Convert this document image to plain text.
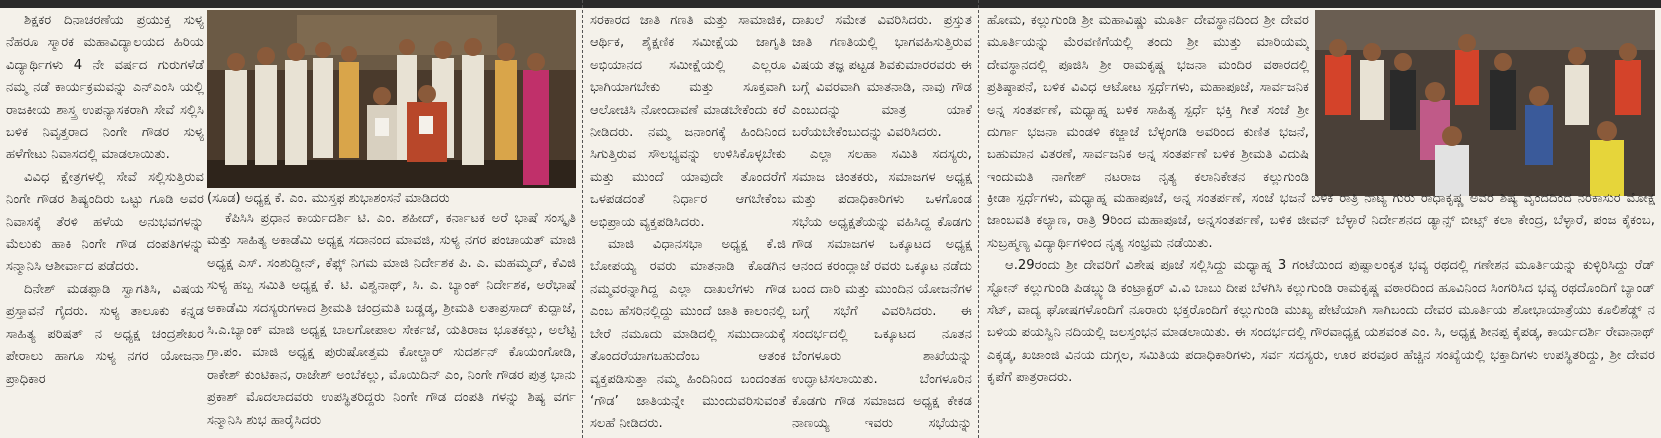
ಶಿಕ್ಷಕರ ದಿನಾಚರಣೆಯ ಪ್ರಯುಕ್ತ ಸುಳ್ಯ ನೆಹರೂ ಸ್ಮಾರಕ ಮಹಾವಿದ್ಯಾಲಯದ ಹಿರಿಯ ವಿದ್ಯಾರ್ಥಿಗಳು 4 ನೇ ವರ್ಷದ ಗುರುಗಳೆಡೆ ನಮ್ಮ ನಡೆ ಕಾರ್ಯಕ್ರಮವನ್ನು ಎನ್ಎಂಸಿ ಯಲ್ಲಿ ರಾಜಕೀಯ ಶಾಸ್ತ್ರ ಉಪನ್ಯಾಸಕರಾಗಿ ಸೇವೆ ಸಲ್ಲಿಸಿ ಬಳಿಕ ನಿವೃತ್ತರಾದ ನಿಂಗೇ ಗೌಡರ ಸುಳ್ಯ ಹಳೆಗೇಟು ನಿವಾಸದಲ್ಲಿ ಮಾಡಲಾಯಿತು.

ವಿವಿಧ ಕ್ಷೇತ್ರಗಳಲ್ಲಿ ಸೇವೆ ಸಲ್ಲಿಸುತ್ತಿರುವ ನಿಂಗೇ ಗೌಡರ ಶಿಷ್ಯಂದಿರು ಒಟ್ಟು ಗೂಡಿ ಅವರ ನಿವಾಸಕ್ಕೆ ತೆರಳಿ ಹಳೆಯ ಅನುಭವಗಳನ್ನು ಮೆಲುಕು ಹಾಕಿ ನಿಂಗೇ ಗೌಡ ದಂಪತಿಗಳನ್ನು ಸನ್ಮಾನಿಸಿ ಆಶೀರ್ವಾದ ಪಡೆದರು.

ದಿನೇಶ್ ಮಡಪ್ಪಾಡಿ ಸ್ವಾಗತಿಸಿ, ವಿಷಯ ಪ್ರಸ್ತಾವನೆ ಗೈದರು. ಸುಳ್ಯ ತಾಲೂಕು ಕನ್ನಡ ಸಾಹಿತ್ಯ ಪರಿಷತ್ ನ ಅಧ್ಯಕ್ಷ ಚಂದ್ರಶೇಖರ ಪೇರಾಲು ಹಾಗೂ ಸುಳ್ಯ ನಗರ ಯೋಜನಾ ಪ್ರಾಧಿಕಾರ

(ಸೂಡ) ಅಧ್ಯಕ್ಷ ಕೆ. ಎಂ. ಮುಸ್ತಫ ಶುಭಾಶಂಸನೆ ಮಾಡಿದರು

ಕೆಪಿಸಿಸಿ ಪ್ರಧಾನ ಕಾರ್ಯದರ್ಶಿ ಟಿ. ಎಂ. ಶಹೀದ್, ಕರ್ನಾಟಕ ಅರೆ ಭಾಷೆ ಸಂಸ್ಕೃತಿ ಮತ್ತು ಸಾಹಿತ್ಯ ಅಕಾಡೆಮಿ ಅಧ್ಯಕ್ಷ ಸದಾನಂದ ಮಾವಜಿ, ಸುಳ್ಯ ನಗರ ಪಂಚಾಯತ್ ಮಾಜಿ ಅಧ್ಯಕ್ಷ ಎಸ್. ಸಂಶುದ್ದೀನ್, ಕೆಫ್ಕ್ ನಿಗಮ ಮಾಜಿ ನಿರ್ದೇಶಕ ಪಿ. ಎ. ಮಹಮ್ಮದ್, ಕೆವಿಜಿ ಸುಳ್ಯ ಹಬ್ಬ ಸಮಿತಿ ಅಧ್ಯಕ್ಷ ಕೆ. ಟಿ. ವಿಶ್ವನಾಥ್, ಸಿ. ಎ. ಬ್ಯಾಂಕ್ ನಿರ್ದೇಶಕ, ಅರೆಭಾಷೆ ಅಕಾಡೆಮಿ ಸದಸ್ಯರುಗಳಾದ ಶ್ರೀಮತಿ ಚಂದ್ರಮತಿ ಬಡ್ಡಡ್ಕ, ಶ್ರೀಮತಿ ಲತಾಪ್ರಸಾದ್ ಕುದ್ಪಾಜೆ, ಸಿ.ಎ.ಬ್ಯಾಂಕ್ ಮಾಜಿ ಅಧ್ಯಕ್ಷ ಬಾಲಗೋಪಾಲ ಸೇರ್ಕಜೆ, ಯತಿರಾಜ ಭೂತಕಲ್ಲು, ಅಲೆಟ್ಟಿ ಗ್ರಾ.ಪಂ. ಮಾಜಿ ಅಧ್ಯಕ್ಷ ಪುರುಷೋತ್ತಮ ಕೋಲ್ಚಾರ್ ಸುದರ್ಶನ್ ಕೊಯಂಗೋಡಿ, ರಾಕೇಶ್ ಕುಂಟಿಕಾನ, ರಾಜೇಶ್ ಅಂಬೆಕಲ್ಲು, ಮೊಯಿದಿನ್ ಎಂ, ನಿಂಗೇ ಗೌಡರ ಪುತ್ರ ಭಾನು ಪ್ರಕಾಶ್ ಮೊದಲಾದವರು ಉಪಸ್ಥಿತರಿದ್ದರು ನಿಂಗೇ ಗೌಡ ದಂಪತಿ ಗಳನ್ನು ಶಿಷ್ಯ ವರ್ಗ ಸನ್ಮಾನಿಸಿ ಶುಭ ಹಾರೈಸಿದರು

ಸರಕಾರದ ಜಾತಿ ಗಣತಿ ಮತ್ತು ಸಾಮಾಜಿಕ, ಆರ್ಥಿಕ, ಶೈಕ್ಷಣಿಕ ಸಮೀಕ್ಷೆಯ ಜಾಗೃತಿ ಅಭಿಯಾನದ ಸಮೀಕ್ಷೆಯಲ್ಲಿ ಎಲ್ಲರೂ ಭಾಗಿಯಾಗಬೇಕು ಮತ್ತು ಸೂಕ್ತವಾಗಿ ಆಲೋಚಿಸಿ ನೋಂದಾವಣೆ ಮಾಡಬೇಕೆಂದು ಕರೆ ನೀಡಿದರು. ನಮ್ಮ ಜನಾಂಗಕ್ಕೆ ಹಿಂದಿನಿಂದ ಸಿಗುತ್ತಿರುವ ಸೌಲಭ್ಯವನ್ನು ಉಳಿಸಿಕೊಳ್ಳಬೇಕು ಮತ್ತು ಮುಂದೆ ಯಾವುದೇ ತೊಂದರೆಗೆ ಒಳಪಡದಂತೆ ನಿರ್ಧಾರ ಆಗಬೇಕೆಂಬ ಅಭಿಪ್ರಾಯ ವ್ಯಕ್ತಪಡಿಸಿದರು.

ಮಾಜಿ ವಿಧಾನಸಭಾ ಅಧ್ಯಕ್ಷ ಕೆ.ಜಿ ಬೋಪಯ್ಯ ರವರು ಮಾತನಾಡಿ ಕೊಡಗಿನ ನಮ್ಮವರನ್ನಾಗಿದ್ದ ಎಲ್ಲಾ ದಾಖಲೆಗಳು ಗೌಡ ಎಂಬ ಹೆಸರಿನಲ್ಲಿದ್ದು ಮುಂದೆ ಜಾತಿ ಕಾಲಂನಲ್ಲಿ ಬೇರೆ ನಮೂದು ಮಾಡಿದಲ್ಲಿ ಸಮುದಾಯಕ್ಕೆ ತೊಂದರೆಯಾಗಬಹುದೆಂಬ ಆತಂಕ ವ್ಯಕ್ತಪಡಿಸುತ್ತಾ ನಮ್ಮ ಹಿಂದಿನಿಂದ ಬಂದಂತಹ ‘ಗೌಡ’ ಜಾತಿಯನ್ನೇ ಮುಂದುವರಿಸುವಂತೆ ಸಲಹೆ ನೀಡಿದರು.

ದಾಖಲೆ ಸಮೇತ ವಿವರಿಸಿದರು. ಪ್ರಸ್ತುತ ಜಾತಿ ಗಣತಿಯಲ್ಲಿ ಭಾಗವಹಿಸುತ್ತಿರುವ ವಿಷಯ ತಜ್ಞ ಪಟ್ಟಡ ಶಿವಕುಮಾರರವರು ಈ ಬಗ್ಗೆ ವಿವರವಾಗಿ ಮಾತನಾಡಿ, ನಾವು ಗೌಡ ಎಂಬುದನ್ನು ಮಾತ್ರ ಯಾಕೆ ಬರೆಯಬೇಕೆಂಬುದನ್ನು ವಿವರಿಸಿದರು.

ಎಲ್ಲಾ ಸಲಹಾ ಸಮಿತಿ ಸದಸ್ಯರು, ಸಮಾಜ ಚಿಂತಕರು, ಸಮಾಜಗಳ ಅಧ್ಯಕ್ಷ ಮತ್ತು ಪದಾಧಿಕಾರಿಗಳು ಒಳಗೊಂಡ ಸಭೆಯ ಅಧ್ಯಕ್ಷತೆಯನ್ನು ವಹಿಸಿದ್ದ ಕೊಡಗು ಗೌಡ ಸಮಾಜಗಳ ಒಕ್ಕೂಟದ ಅಧ್ಯಕ್ಷ ಆನಂದ ಕರಂದ್ಲಾಜೆ ರವರು ಒಕ್ಕೂಟ ನಡೆದು ಬಂದ ದಾರಿ ಮತ್ತು ಮುಂದಿನ ಯೋಜನೆಗಳ ಬಗ್ಗೆ ಸಭೆಗೆ ವಿವರಿಸಿದರು. ಈ ಸಂದರ್ಭದಲ್ಲಿ ಒಕ್ಕೂಟದ ನೂತನ ಬೆಂಗಳೂರು ಶಾಖೆಯನ್ನು ಉದ್ಘಾಟಿಸಲಾಯಿತು. ಬೆಂಗಳೂರಿನ ಕೊಡಗು ಗೌಡ ಸಮಾಜದ ಅಧ್ಯಕ್ಷ ಕೇಕಡ ನಾಣಯ್ಯ ಇವರು ಸಭೆಯನ್ನು

ಹೋಮ, ಕಲ್ಲುಗುಂಡಿ ಶ್ರೀ ಮಹಾವಿಷ್ಣು ಮೂರ್ತಿ ದೇವಸ್ಥಾನದಿಂದ ಶ್ರೀ ದೇವರ ಮೂರ್ತಿಯನ್ನು ಮೆರವಣಿಗೆಯಲ್ಲಿ ತಂದು ಶ್ರೀ ಮುತ್ತು ಮಾರಿಯಮ್ಮ ದೇವಸ್ಥಾನದಲ್ಲಿ ಪೂಜಿಸಿ ಶ್ರೀ ರಾಮಕೃಷ್ಣ ಭಜನಾ ಮಂದಿರ ವಠಾರದಲ್ಲಿ ಪ್ರತಿಷ್ಠಾಪನೆ, ಬಳಿಕ ವಿವಿಧ ಆಟೋಟ ಸ್ಪರ್ಧೆಗಳು, ಮಹಾಪೂಜೆ, ಸಾರ್ವಜನಿಕ ಅನ್ನ ಸಂತರ್ಪಣೆ, ಮಧ್ಯಾಹ್ನ ಬಳಿಕ ಸಾಹಿತ್ಯ ಸ್ಪರ್ಧೆ ಭಕ್ತಿ ಗೀತೆ ಸಂಜೆ ಶ್ರೀ ದುರ್ಗಾ ಭಜನಾ ಮಂಡಳಿ ಕಜ್ಜಾಜೆ ಬೆಳ್ಳಂಗಡಿ ಅವರಿಂದ ಕುಣಿತ ಭಜನೆ, ಬಹುಮಾನ ವಿತರಣೆ, ಸಾರ್ವಜನಿಕ ಅನ್ನ ಸಂತರ್ಪಣೆ ಬಳಿಕ ಶ್ರೀಮತಿ ವಿದುಷಿ ಇಂದುಮತಿ ನಾಗೇಶ್ ನಟರಾಜ ನೃತ್ಯ ಕಲಾನಿಕೇತನ ಕಲ್ಲುಗುಂಡಿ

ಕ್ರೀಡಾ ಸ್ಪರ್ಧೆಗಳು, ಮಧ್ಯಾಹ್ನ ಮಹಾಪೂಜೆ, ಅನ್ನ ಸಂತರ್ಪಣೆ, ಸಂಜೆ ಭಜನೆ ಬಳಿಕ ರಾತ್ರಿ ನಾಟ್ಯ ಗುರು ರಾಧಾಕೃಷ್ಣ ಅವರ ಶಿಷ್ಯ ವೃಂದದಿಂದ ನರಕಾಸುರ ಮೋಕ್ಷ ಜಾಂಬವತಿ ಕಲ್ಯಾಣ, ರಾತ್ರಿ 9ರಿಂದ ಮಹಾಪೂಜೆ, ಅನ್ನಸಂತರ್ಪಣೆ, ಬಳಿಕ ಜೀವನ್ ಬೆಳ್ಳಾರೆ ನಿರ್ದೇಶನದ ಡ್ಯಾನ್ಸ್ ಬೀಟ್ಸ್ ಕಲಾ ಕೇಂದ್ರ, ಬೆಳ್ಳಾರೆ, ಪಂಜ ಕೈಕಂಬ, ಸುಬ್ರಹ್ಮಣ್ಯ ವಿದ್ಯಾರ್ಥಿಗಳಿಂದ ನೃತ್ಯ ಸಂಭ್ರಮ ನಡೆಯಿತು.

ಆ.29ರಂದು ಶ್ರೀ ದೇವರಿಗೆ ವಿಶೇಷ ಪೂಜೆ ಸಲ್ಲಿಸಿದ್ದು ಮಧ್ಯಾಹ್ನ 3 ಗಂಟೆಯಿಂದ ಪುಷ್ಪಾಲಂಕೃತ ಭವ್ಯ ರಥದಲ್ಲಿ ಗಣೇಶನ ಮೂರ್ತಿಯನ್ನು ಕುಳ್ಳಿರಿಸಿದ್ದು ರೆಡ್ ಸ್ಟೋನ್ ಕಲ್ಲುಗುಂಡಿ ಪಿಡಬ್ಲ್ಯುಡಿ ಕಂಟ್ರಾಕ್ಟರ್ ವಿ.ವಿ ಬಾಬು ದೀಪ ಬೆಳಗಿಸಿ ಕಲ್ಲುಗುಂಡಿ ರಾಮಕೃಷ್ಣ ವಠಾರದಿಂದ ಹೂವಿನಿಂದ ಸಿಂಗರಿಸಿದ ಭವ್ಯ ರಥದೊಂದಿಗೆ ಬ್ಯಾಂಡ್ ಸೆಟ್, ವಾದ್ಯ ಘೋಷಗಳೊಂದಿಗೆ ನೂರಾರು ಭಕ್ತರೊಂದಿಗೆ ಕಲ್ಲುಗುಂಡಿ ಮುಖ್ಯ ಪೇಟೆಯಾಗಿ ಸಾಗಿಬಂದು ದೇವರ ಮೂರ್ತಿಯ ಶೋಭಾಯಾತ್ರೆಯು ಕೂಲಿಶೆಡ್ಡ್ ನ ಬಳಿಯ ಪಯಸ್ವಿನಿ ನದಿಯಲ್ಲಿ ಜಲಸ್ತಂಭನ ಮಾಡಲಾಯಿತು. ಈ ಸಂದರ್ಭದಲ್ಲಿ ಗೌರವಾಧ್ಯಕ್ಷ ಯಶವಂತ ಎಂ. ಸಿ, ಅಧ್ಯಕ್ಷ ಶೀನಪ್ಪ ಕೈಪಡ್ಕ, ಕಾರ್ಯದರ್ಶಿ ರೇವಾನಾಥ್ ಎಕ್ಕಡ್ಕ, ಖಜಾಂಜಿ ವಿನಯ ದುಗ್ಗಲ, ಸಮಿತಿಯ ಪದಾಧಿಕಾರಿಗಳು, ಸರ್ವ ಸದಸ್ಯರು, ಊರ ಪರವೂರ ಹೆಚ್ಚಿನ ಸಂಖ್ಯೆಯಲ್ಲಿ ಭಕ್ತಾದಿಗಳು ಉಪಸ್ಥಿತರಿದ್ದು, ಶ್ರೀ ದೇವರ ಕೃಪೆಗೆ ಪಾತ್ರರಾದರು.
